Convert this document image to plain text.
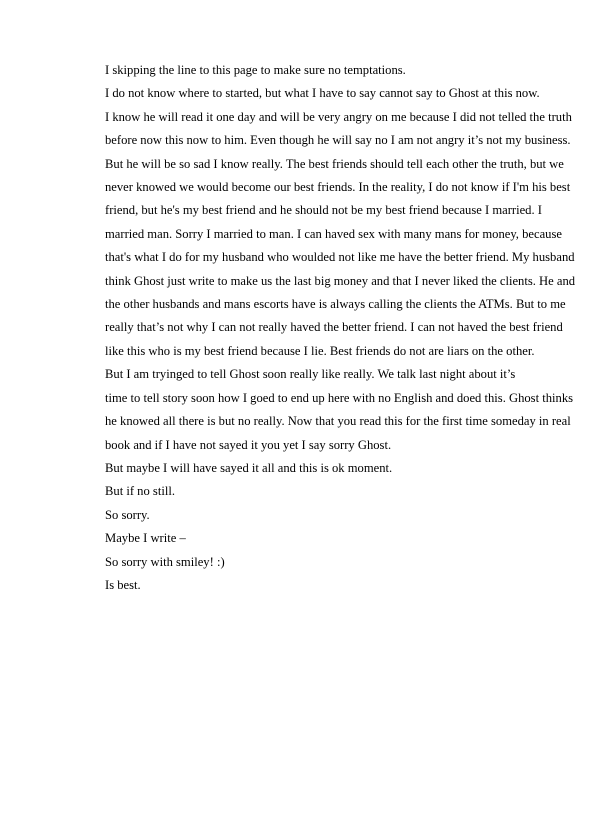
I skipping the line to this page to make sure no temptations.

I do not know where to started, but what I have to say cannot say to Ghost at this now.
I know he will read it one day and will be very angry on me because I did not telled the truth
before now this now to him. Even though he will say no I am not angry it’s not my business.
But he will be so sad I know really. The best friends should tell each other the truth, but we
never knowed we would become our best friends. In the reality, I do not know if I'm his best
friend, but he's my best friend and he should not be my best friend because I married. I
married man. Sorry I married to man. I can haved sex with many mans for money, because
that's what I do for my husband who woulded not like me have the better friend. My husband
think Ghost just write to make us the last big money and that I never liked the clients. He and
the other husbands and mans escorts have is always calling the clients the ATMs. But to me
really that’s not why I can not really haved the better friend. I can not haved the best friend
like this who is my best friend because I lie. Best friends do not are liars on the other.

But I am tryinged to tell Ghost soon really like really. We talk last night about it’s
time to tell story soon how I goed to end up here with no English and doed this. Ghost thinks
he knowed all there is but no really. Now that you read this for the first time someday in real
book and if I have not sayed it you yet I say sorry Ghost.

But maybe I will have sayed it all and this is ok moment.

But if no still.

So sorry.

Maybe I write –

So sorry with smiley! :)

Is best.
